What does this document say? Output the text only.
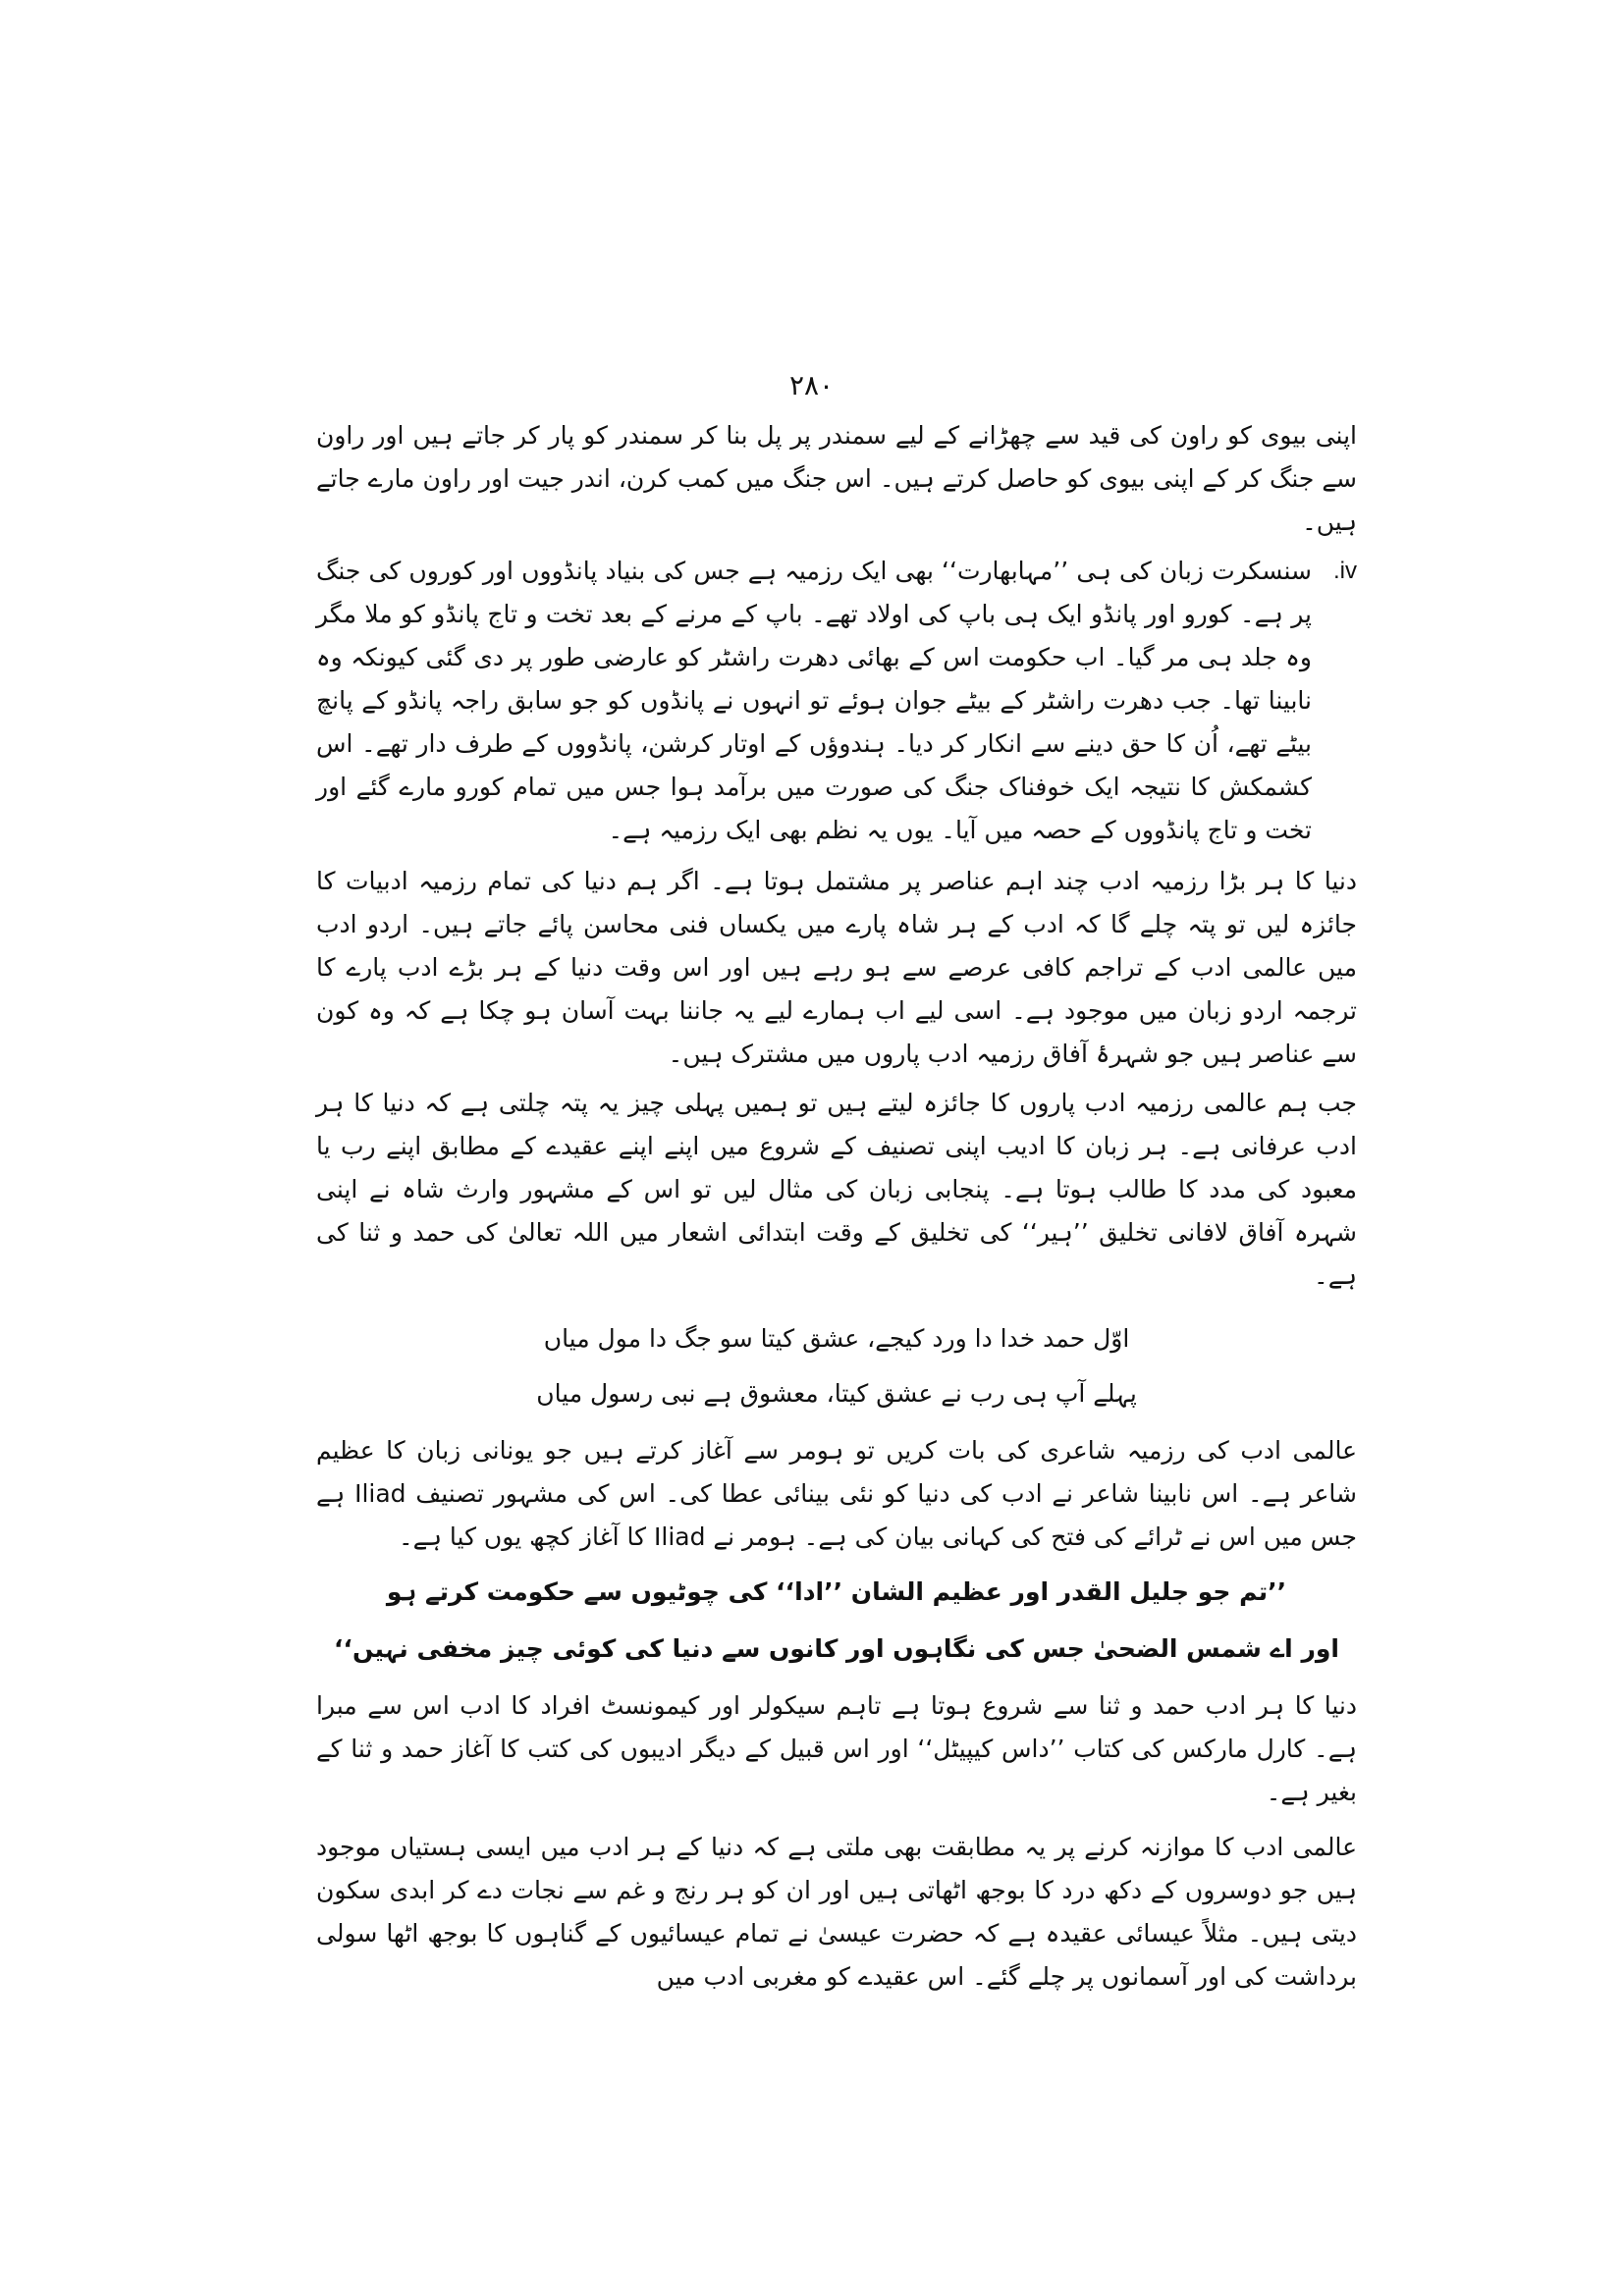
۲۸۰

اپنی بیوی کو راون کی قید سے چھڑانے کے لیے سمندر پر پل بنا کر سمندر کو پار کر جاتے ہیں اور راون سے جنگ کر کے اپنی بیوی کو حاصل کرتے ہیں۔ اس جنگ میں کمب کرن، اندر جیت اور راون مارے جاتے ہیں۔

.iv
سنسکرت زبان کی ہی ’’مہابھارت‘‘ بھی ایک رزمیہ ہے جس کی بنیاد پانڈووں اور کوروں کی جنگ پر ہے۔ کورو اور پانڈو ایک ہی باپ کی اولاد تھے۔ باپ کے مرنے کے بعد تخت و تاج پانڈو کو ملا مگر وہ جلد ہی مر گیا۔ اب حکومت اس کے بھائی دھرت راشٹر کو عارضی طور پر دی گئی کیونکہ وہ نابینا تھا۔ جب دھرت راشٹر کے بیٹے جوان ہوئے تو انہوں نے پانڈوں کو جو سابق راجہ پانڈو کے پانچ بیٹے تھے، اُن کا حق دینے سے انکار کر دیا۔ ہندوؤں کے اوتار کرشن، پانڈووں کے طرف دار تھے۔ اس کشمکش کا نتیجہ ایک خوفناک جنگ کی صورت میں برآمد ہوا جس میں تمام کورو مارے گئے اور تخت و تاج پانڈووں کے حصہ میں آیا۔ یوں یہ نظم بھی ایک رزمیہ ہے۔

دنیا کا ہر بڑا رزمیہ ادب چند اہم عناصر پر مشتمل ہوتا ہے۔ اگر ہم دنیا کی تمام رزمیہ ادبیات کا جائزہ لیں تو پتہ چلے گا کہ ادب کے ہر شاہ پارے میں یکساں فنی محاسن پائے جاتے ہیں۔ اردو ادب میں عالمی ادب کے تراجم کافی عرصے سے ہو رہے ہیں اور اس وقت دنیا کے ہر بڑے ادب پارے کا ترجمہ اردو زبان میں موجود ہے۔ اسی لیے اب ہمارے لیے یہ جاننا بہت آسان ہو چکا ہے کہ وہ کون سے عناصر ہیں جو شہرۂ آفاق رزمیہ ادب پاروں میں مشترک ہیں۔

جب ہم عالمی رزمیہ ادب پاروں کا جائزہ لیتے ہیں تو ہمیں پہلی چیز یہ پتہ چلتی ہے کہ دنیا کا ہر ادب عرفانی ہے۔ ہر زبان کا ادیب اپنی تصنیف کے شروع میں اپنے اپنے عقیدے کے مطابق اپنے رب یا معبود کی مدد کا طالب ہوتا ہے۔ پنجابی زبان کی مثال لیں تو اس کے مشہور وارث شاہ نے اپنی شہرہ آفاق لافانی تخلیق ’’ہیر‘‘ کی تخلیق کے وقت ابتدائی اشعار میں اللہ تعالیٰ کی حمد و ثنا کی ہے۔

اوّل حمد خدا دا ورد کیجے، عشق کیتا سو جگ دا مول میاں
پہلے آپ ہی رب نے عشق کیتا، معشوق ہے نبی رسول میاں

عالمی ادب کی رزمیہ شاعری کی بات کریں تو ہومر سے آغاز کرتے ہیں جو یونانی زبان کا عظیم شاعر ہے۔ اس نابینا شاعر نے ادب کی دنیا کو نئی بینائی عطا کی۔ اس کی مشہور تصنیف Iliad ہے جس میں اس نے ٹرائے کی فتح کی کہانی بیان کی ہے۔ ہومر نے Iliad کا آغاز کچھ یوں کیا ہے۔

’’تم جو جلیل القدر اور عظیم الشان ’’ادا‘‘ کی چوٹیوں سے حکومت کرتے ہو
اور اے شمس الضحیٰ جس کی نگاہوں اور کانوں سے دنیا کی کوئی چیز مخفی نہیں‘‘

دنیا کا ہر ادب حمد و ثنا سے شروع ہوتا ہے تاہم سیکولر اور کیمونسٹ افراد کا ادب اس سے مبرا ہے۔ کارل مارکس کی کتاب ’’داس کیپیٹل‘‘ اور اس قبیل کے دیگر ادیبوں کی کتب کا آغاز حمد و ثنا کے بغیر ہے۔

عالمی ادب کا موازنہ کرنے پر یہ مطابقت بھی ملتی ہے کہ دنیا کے ہر ادب میں ایسی ہستیاں موجود ہیں جو دوسروں کے دکھ درد کا بوجھ اٹھاتی ہیں اور ان کو ہر رنج و غم سے نجات دے کر ابدی سکون دیتی ہیں۔ مثلاً عیسائی عقیدہ ہے کہ حضرت عیسیٰ نے تمام عیسائیوں کے گناہوں کا بوجھ اٹھا سولی برداشت کی اور آسمانوں پر چلے گئے۔ اس عقیدے کو مغربی ادب میں
